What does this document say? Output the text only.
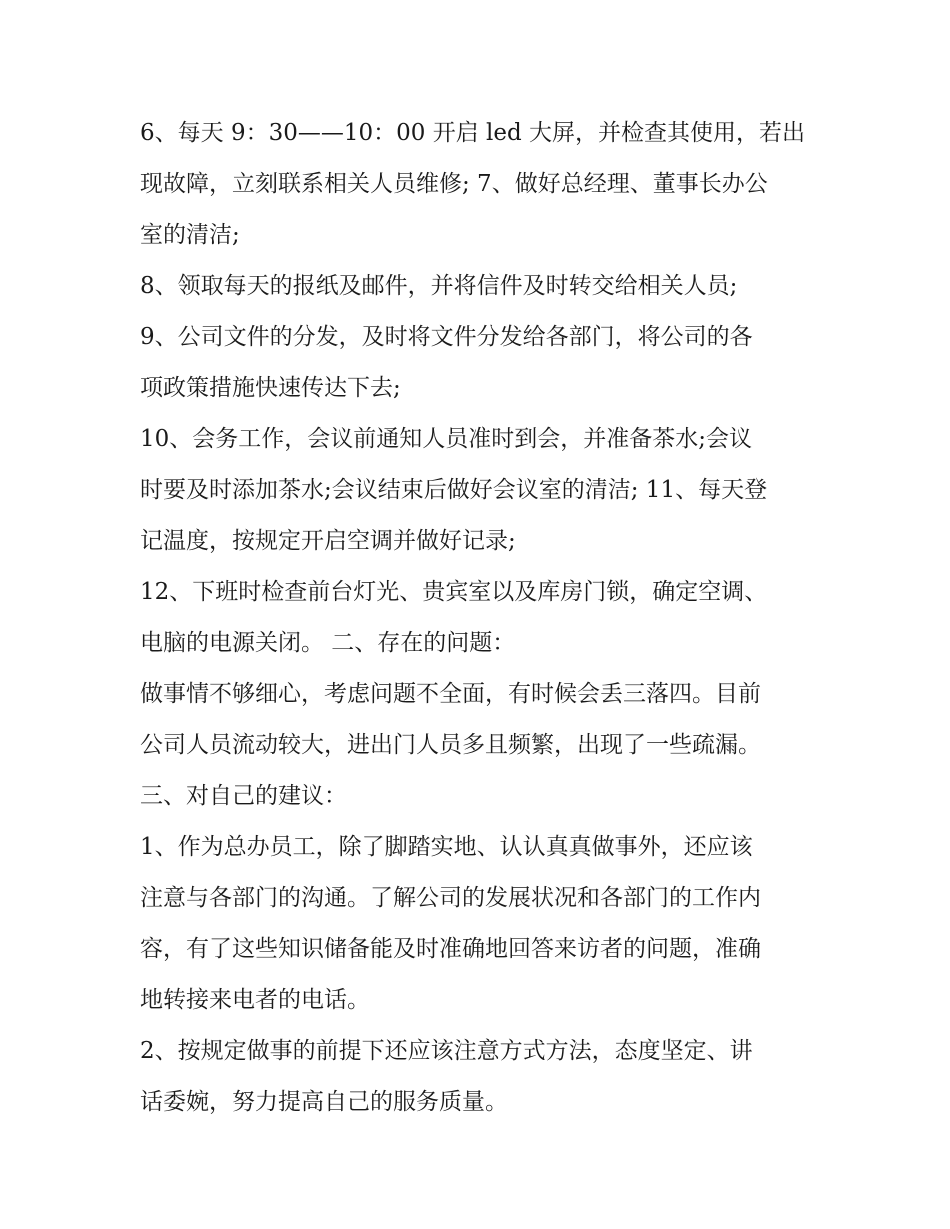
6、每天 9：30——10：00 开启 led 大屏，并检查其使用，若出

现故障，立刻联系相关人员维修; 7、做好总经理、董事长办公

室的清洁;

8、领取每天的报纸及邮件，并将信件及时转交给相关人员;

9、公司文件的分发，及时将文件分发给各部门，将公司的各

项政策措施快速传达下去;

10、会务工作，会议前通知人员准时到会，并准备茶水;会议

时要及时添加茶水;会议结束后做好会议室的清洁; 11、每天登

记温度，按规定开启空调并做好记录;

12、下班时检查前台灯光、贵宾室以及库房门锁，确定空调、

电脑的电源关闭。 二、存在的问题：

做事情不够细心，考虑问题不全面，有时候会丢三落四。目前

公司人员流动较大，进出门人员多且频繁，出现了一些疏漏。

三、对自己的建议：

1、作为总办员工，除了脚踏实地、认认真真做事外，还应该

注意与各部门的沟通。了解公司的发展状况和各部门的工作内

容，有了这些知识储备能及时准确地回答来访者的问题，准确

地转接来电者的电话。

2、按规定做事的前提下还应该注意方式方法，态度坚定、讲

话委婉，努力提高自己的服务质量。
